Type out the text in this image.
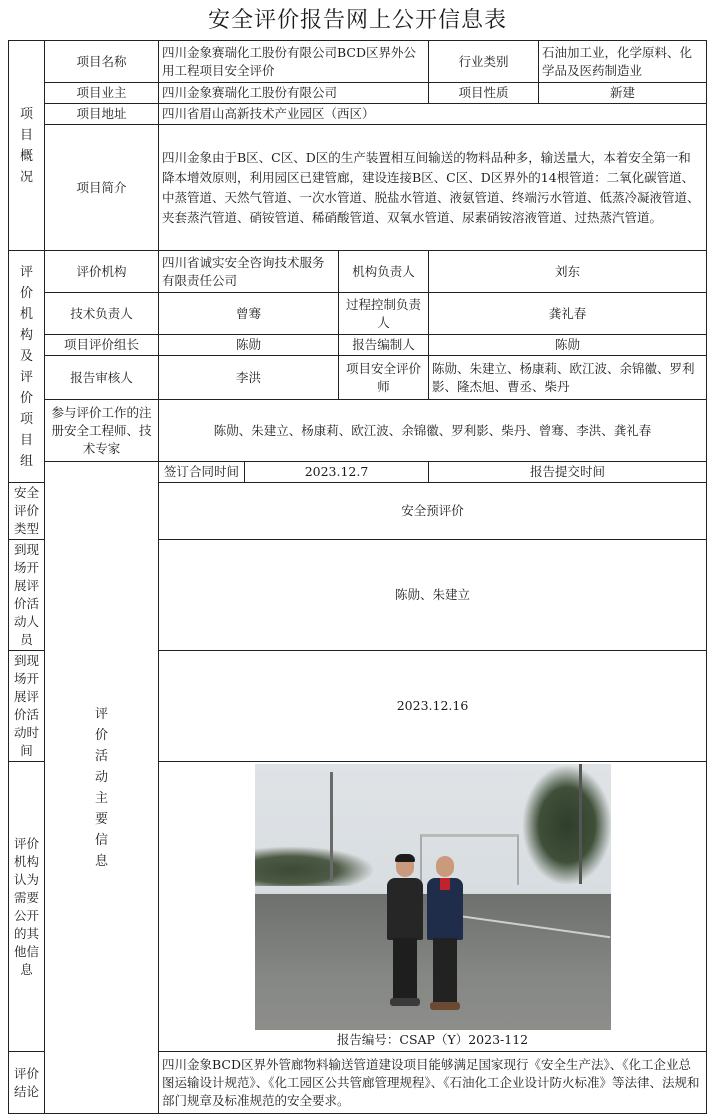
安全评价报告网上公开信息表
项目概况	项目名称	四川金象赛瑞化工股份有限公司BCD区界外公用工程项目安全评价			行业类别	石油加工业，化学原料、化学品及医药制造业	
	项目业主	四川金象赛瑞化工股份有限公司			项目性质	新建	
	项目地址	四川省眉山高新技术产业园区（西区）					
	项目简介	四川金象由于B区、C区、D区的生产装置相互间输送的物料品种多，输送量大，本着安全第一和降本增效原则，利用园区已建管廊，建设连接B区、C区、D区界外的14根管道：二氧化碳管道、中蒸管道、天然气管道、一次水管道、脱盐水管道、液氨管道、终端污水管道、低蒸冷凝液管道、夹套蒸汽管道、硝铵管道、稀硝酸管道、双氧水管道、尿素硝铵溶液管道、过热蒸汽管道。					

评价机构及评价项目组	评价机构	四川省诚实安全咨询技术服务有限责任公司		机构负责人	刘东		
	技术负责人	曾骞		过程控制负责人	龚礼春		
	项目评价组长	陈勋		报告编制人	陈勋		
	报告审核人	李洪		项目安全评价师	陈勋、朱建立、杨康莉、欧江波、余锦徽、罗利影、隆杰旭、曹丞、柴丹		
	参与评价工作的注册安全工程师、技术专家	陈勋、朱建立、杨康莉、欧江波、余锦徽、罗利影、柴丹、曾骞、李洪、龚礼春					

	评价活动主要信息	签订合同时间	2023.12.7		报告提交时间	
安全评价类型		安全预评价					
到现场开展评价活动人员		陈勋、朱建立					
到现场开展评价活动时间		2023.12.16					
评价机构认为需要公开的其他信息		报告编号：CSAP（Y）2023-112					

评价结论		四川金象BCD区界外管廊物料输送管道建设项目能够满足国家现行《安全生产法》、《化工企业总图运输设计规范》、《化工园区公共管廊管理规程》、《石油化工企业设计防火标准》等法律、法规和部门规章及标准规范的安全要求。					
